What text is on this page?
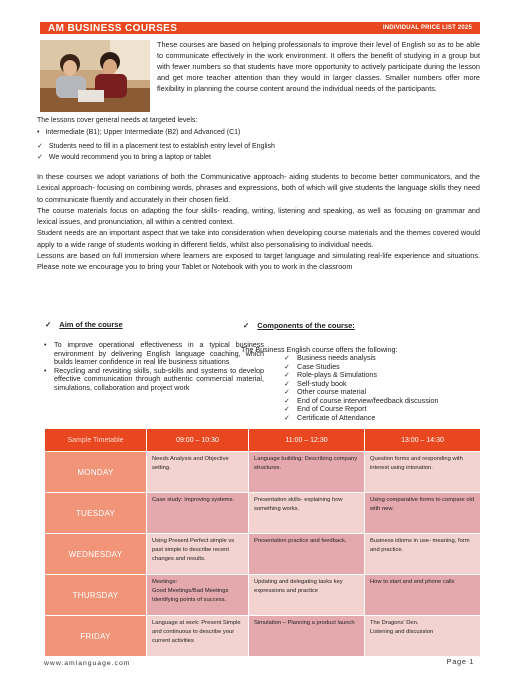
AM BUSINESS COURSES	INDIVIDUAL PRICE LIST 2025
These courses are based on helping professionals to improve their level of English so as to be able to communicate effectively in the work environment. It offers the benefit of studying in a group but with fewer numbers so that students have more opportunity to actively participate during the lesson and get more teacher attention than they would in larger classes. Smaller numbers offer more flexibility in planning the course content around the individual needs of the participants.
The lessons cover general needs at targeted levels:
• Intermediate (B1); Upper Intermediate (B2) and Advanced (C1)
✓ Students need to fill in a placement test to establish entry level of English
✓ We would recommend you to bring a laptop or tablet

In these courses we adopt variations of both the Communicative approach- aiding students to become better communicators, and the Lexical approach- focusing on combining words, phrases and expressions, both of which will give students the language skills they need to communicate fluently and accurately in their chosen field.

The course materials focus on adapting the four skills- reading, writing, listening and speaking, as well as focusing on grammar and lexical issues, and pronunciation, all within a centred context.

Student needs are an important aspect that we take into consideration when developing course materials and the themes covered would apply to a wide range of students working in different fields, whilst also personalising to individual needs.

Lessons are based on full immersion where learners are exposed to target language and simulating real-life experience and situations. Please note we encourage you to bring your Tablet or Notebook with you to work in the classroom

✓ Aim of the course
• To improve operational effectiveness in a typical business environment by delivering English language coaching, which builds learner confidence in real life business situations
• Recycling and revisiting skills, sub-skills and systems to develop effective communication through authentic commercial material, simulations, collaboration and project work
✓ Components of the course:
The Business English course offers the following:
✓ Business needs analysis
✓ Case Studies
✓ Role-plays & Simulations
✓ Self-study book
✓ Other course material
✓ End of course interview/feedback discussion
✓ End of Course Report
✓ Certificate of Attendance
Sample Timetable	09:00 – 10:30	11:00 – 12:30	13:00 – 14:30
MONDAY	Needs Analysis and Objective setting.	Language building: Describing company structures.	Question forms and responding with interest using intonation.
TUESDAY	Case study: Improving systems.	Presentation skills- explaining how something works.	Using comparative forms to compare old with new.
WEDNESDAY	Using Present Perfect simple vs past simple to describe recent changes and results.	Presentation practice and feedback.	Business idioms in use- meaning, form and practice.
THURSDAY	Meetings:
Good Meetings/Bad Meetings
Identifying points of success.	Updating and delegating tasks key expressions and practice	How to start and end phone calls
FRIDAY	Language at work: Present Simple and continuous to describe your current activities	Simulation – Planning a product launch	The Dragons' Den.
Listening and discussion
www.amlanguage.com	Page 1
